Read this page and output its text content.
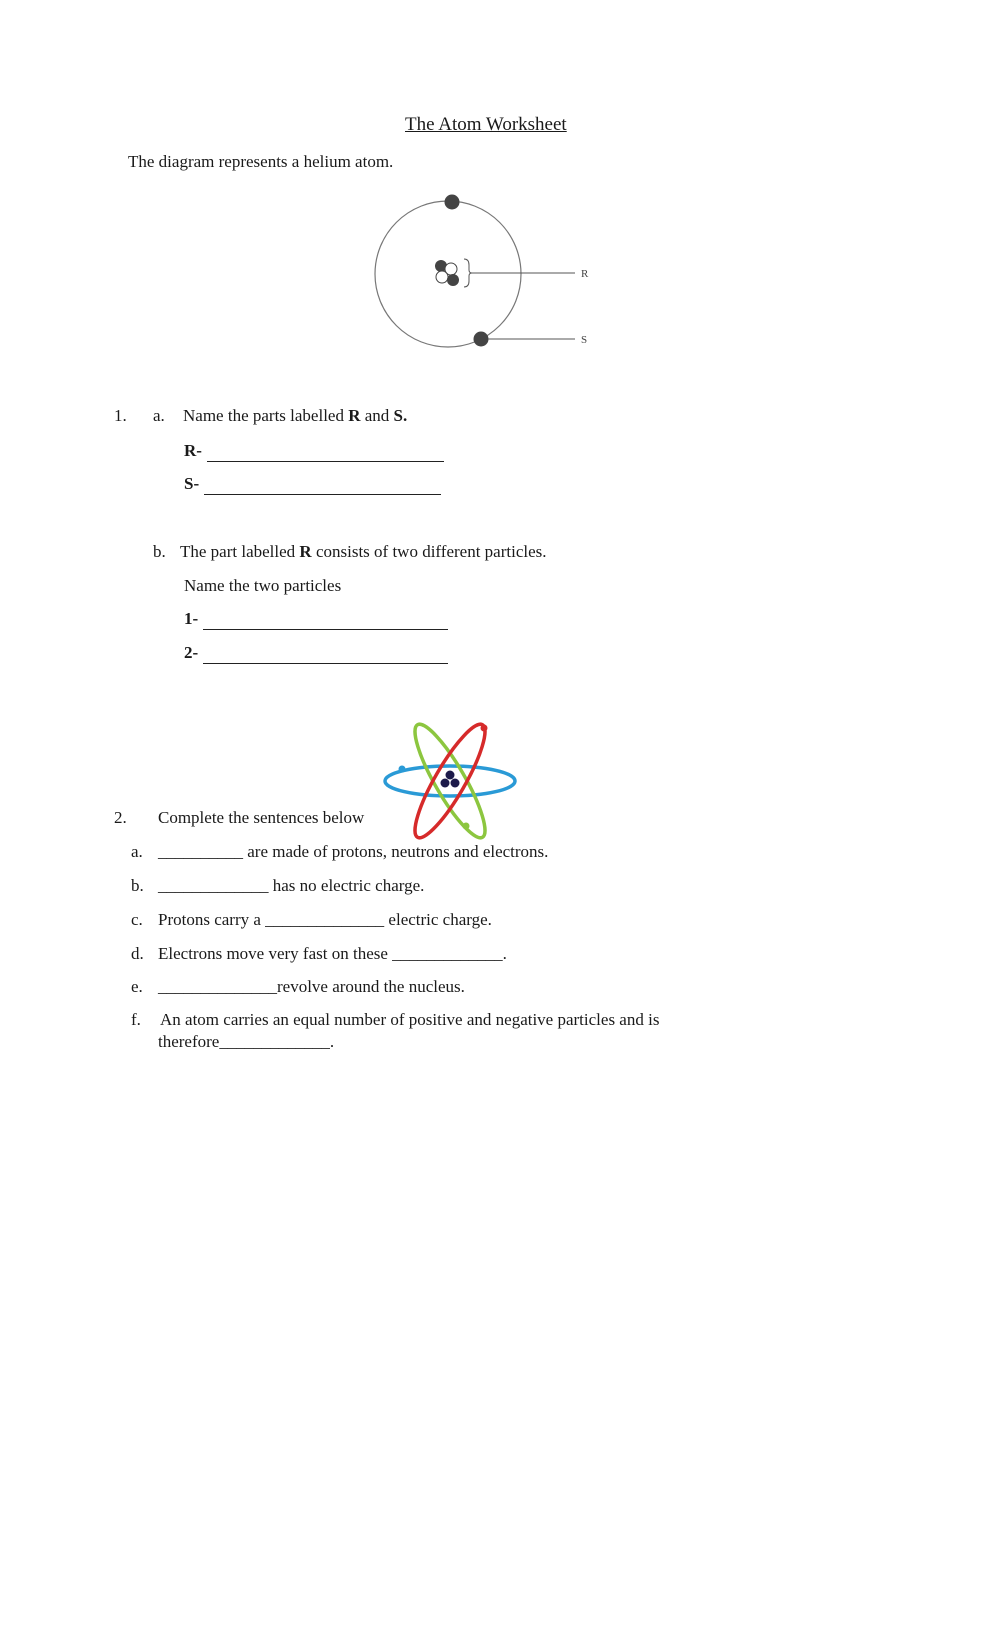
The Atom Worksheet
The diagram represents a helium atom.
R
S
1. a. Name the parts labelled R and S.
R-
S-
b. The part labelled R consists of two different particles.
Name the two particles
1-
2-
2. Complete the sentences below
a. __________ are made of protons, neutrons and electrons.
b. _____________ has no electric charge.
c. Protons carry a ______________ electric charge.
d. Electrons move very fast on these _____________.
e. ______________revolve around the nucleus.
f. An atom carries an equal number of positive and negative particles and is
therefore_____________.
